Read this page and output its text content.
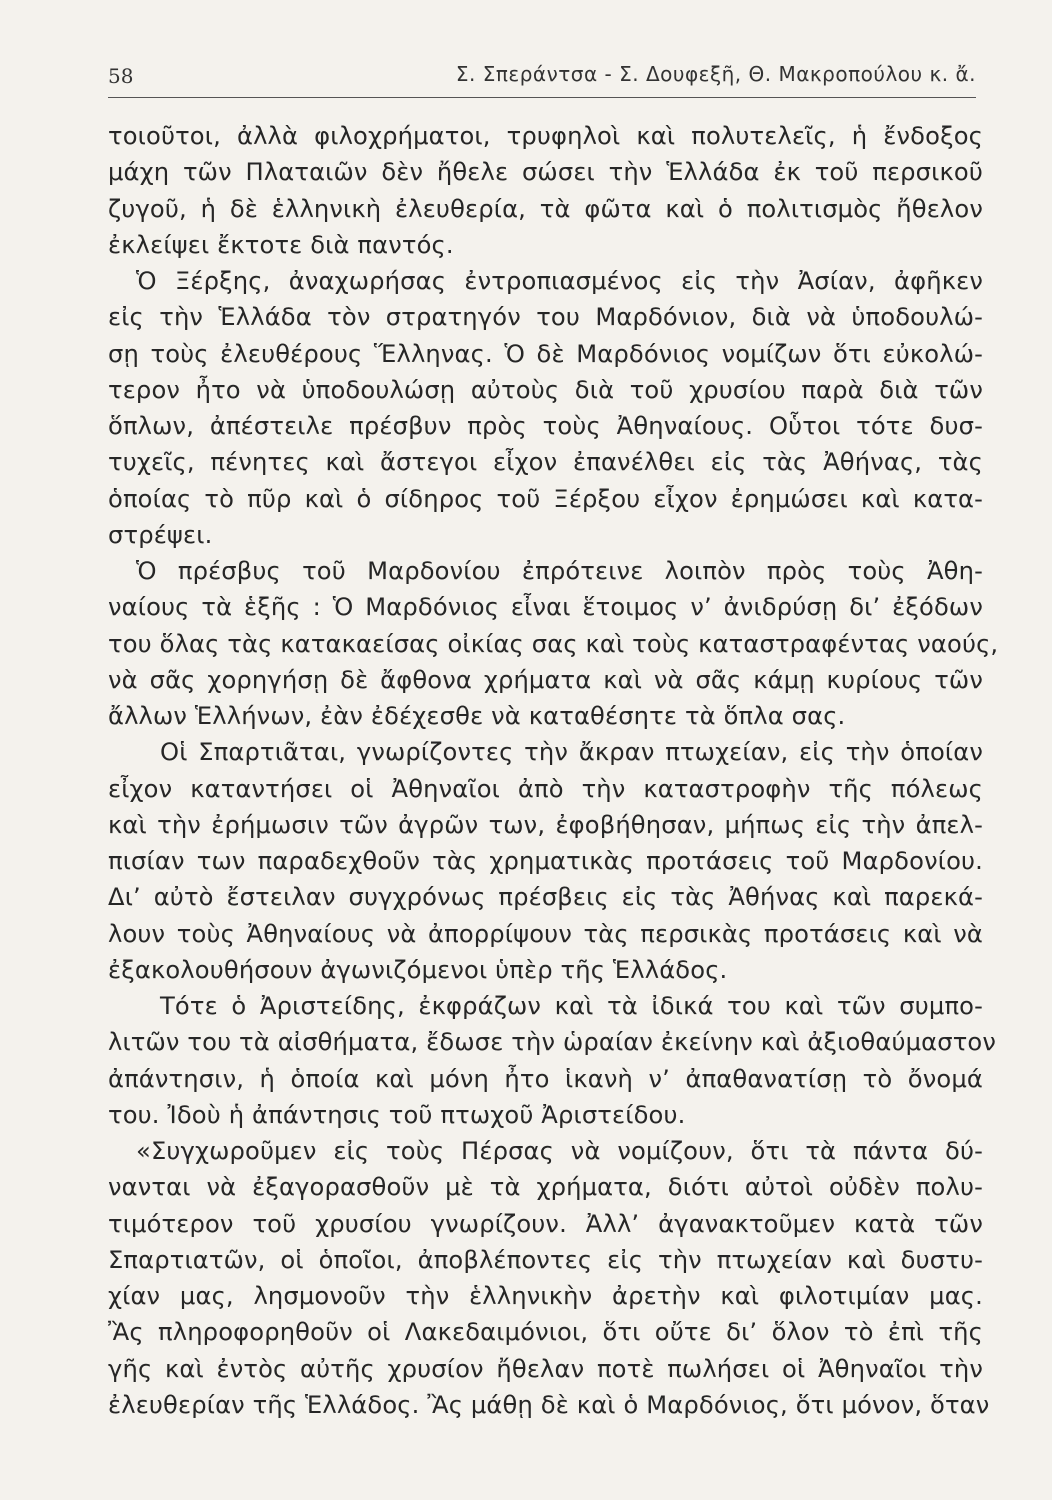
58	Σ. Σπεράντσα - Σ. Δουφεξῆ, Θ. Μακροπούλου κ. ἄ.
τοιοῦτοι, ἀλλὰ φιλοχρήματοι, τρυφηλοὶ καὶ πολυτελεῖς, ἡ ἔνδοξος
μάχη τῶν Πλαταιῶν δὲν ἤθελε σώσει τὴν Ἑλλάδα ἐκ τοῦ περσικοῦ
ζυγοῦ, ἡ δὲ ἑλληνικὴ ἐλευθερία, τὰ φῶτα καὶ ὁ πολιτισμὸς ἤθελον
ἐκλείψει ἔκτοτε διὰ παντός.
Ὁ Ξέρξης, ἀναχωρήσας ἐντροπιασμένος εἰς τὴν Ἀσίαν, ἀφῆκεν
εἰς τὴν Ἑλλάδα τὸν στρατηγόν του Μαρδόνιον, διὰ νὰ ὑποδουλώ-
σῃ τοὺς ἐλευθέρους Ἕλληνας. Ὁ δὲ Μαρδόνιος νομίζων ὅτι εὐκολώ-
τερον ἦτο νὰ ὑποδουλώσῃ αὐτοὺς διὰ τοῦ χρυσίου παρὰ διὰ τῶν
ὅπλων, ἀπέστειλε πρέσβυν πρὸς τοὺς Ἀθηναίους. Οὗτοι τότε δυσ-
τυχεῖς, πένητες καὶ ἄστεγοι εἶχον ἐπανέλθει εἰς τὰς Ἀθήνας, τὰς
ὁποίας τὸ πῦρ καὶ ὁ σίδηρος τοῦ Ξέρξου εἶχον ἐρημώσει καὶ κατα-
στρέψει.
Ὁ πρέσβυς τοῦ Μαρδονίου ἐπρότεινε λοιπὸν πρὸς τοὺς Ἀθη-
ναίους τὰ ἑξῆς : Ὁ Μαρδόνιος εἶναι ἕτοιμος ν’ ἀνιδρύσῃ δι’ ἐξόδων
του ὅλας τὰς κατακαείσας οἰκίας σας καὶ τοὺς καταστραφέντας ναούς,
νὰ σᾶς χορηγήσῃ δὲ ἄφθονα χρήματα καὶ νὰ σᾶς κάμῃ κυρίους τῶν
ἄλλων Ἑλλήνων, ἐὰν ἐδέχεσθε νὰ καταθέσητε τὰ ὅπλα σας.
Οἱ Σπαρτιᾶται, γνωρίζοντες τὴν ἄκραν πτωχείαν, εἰς τὴν ὁποίαν
εἶχον καταντήσει οἱ Ἀθηναῖοι ἀπὸ τὴν καταστροφὴν τῆς πόλεως
καὶ τὴν ἐρήμωσιν τῶν ἀγρῶν των, ἐφοβήθησαν, μήπως εἰς τὴν ἀπελ-
πισίαν των παραδεχθοῦν τὰς χρηματικὰς προτάσεις τοῦ Μαρδονίου.
Δι’ αὐτὸ ἔστειλαν συγχρόνως πρέσβεις εἰς τὰς Ἀθήνας καὶ παρεκά-
λουν τοὺς Ἀθηναίους νὰ ἀπορρίψουν τὰς περσικὰς προτάσεις καὶ νὰ
ἐξακολουθήσουν ἀγωνιζόμενοι ὑπὲρ τῆς Ἑλλάδος.
Τότε ὁ Ἀριστείδης, ἐκφράζων καὶ τὰ ἰδικά του καὶ τῶν συμπο-
λιτῶν του τὰ αἰσθήματα, ἔδωσε τὴν ὡραίαν ἐκείνην καὶ ἀξιοθαύμαστον
ἀπάντησιν, ἡ ὁποία καὶ μόνη ἦτο ἱκανὴ ν’ ἀπαθανατίσῃ τὸ ὄνομά
του. Ἰδοὺ ἡ ἀπάντησις τοῦ πτωχοῦ Ἀριστείδου.
«Συγχωροῦμεν εἰς τοὺς Πέρσας νὰ νομίζουν, ὅτι τὰ πάντα δύ-
νανται νὰ ἐξαγορασθοῦν μὲ τὰ χρήματα, διότι αὐτοὶ οὐδὲν πολυ-
τιμότερον τοῦ χρυσίου γνωρίζουν. Ἀλλ’ ἀγανακτοῦμεν κατὰ τῶν
Σπαρτιατῶν, οἱ ὁποῖοι, ἀποβλέποντες εἰς τὴν πτωχείαν καὶ δυστυ-
χίαν μας, λησμονοῦν τὴν ἑλληνικὴν ἀρετὴν καὶ φιλοτιμίαν μας.
Ἂς πληροφορηθοῦν οἱ Λακεδαιμόνιοι, ὅτι οὔτε δι’ ὅλον τὸ ἐπὶ τῆς
γῆς καὶ ἐντὸς αὐτῆς χρυσίον ἤθελαν ποτὲ πωλήσει οἱ Ἀθηναῖοι τὴν
ἐλευθερίαν τῆς Ἑλλάδος. Ἂς μάθῃ δὲ καὶ ὁ Μαρδόνιος, ὅτι μόνον, ὅταν
